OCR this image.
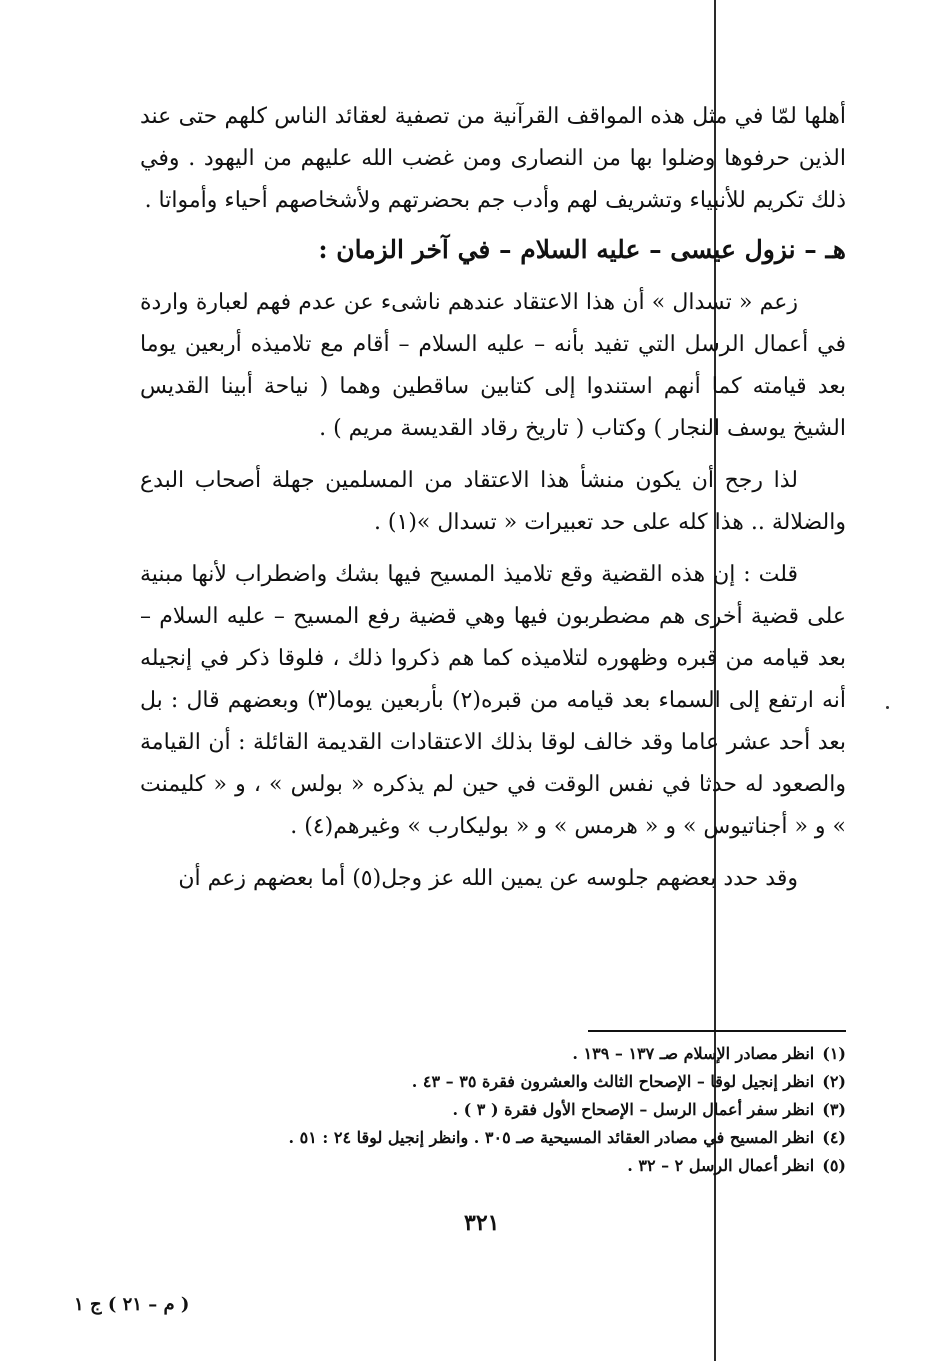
أهلها لمّا في مثل هذه المواقف القرآنية من تصفية لعقائد الناس كلهم حتى عند الذين حرفوها وضلوا بها من النصارى ومن غضب الله عليهم من اليهود . وفي ذلك تكريم للأنبياء وتشريف لهم وأدب جم بحضرتهم ولأشخاصهم أحياء وأمواتا .

هـ – نزول عيسى – عليه السلام – في آخر الزمان :

زعم « تسدال » أن هذا الاعتقاد عندهم ناشىء عن عدم فهم لعبارة واردة في أعمال الرسل التي تفيد بأنه – عليه السلام – أقام مع تلاميذه أربعين يوما بعد قيامته كما أنهم استندوا إلى كتابين ساقطين وهما ( نياحة أبينا القديس الشيخ يوسف النجار ) وكتاب ( تاريخ رقاد القديسة مريم ) .

لذا رجح أن يكون منشأ هذا الاعتقاد من المسلمين جهلة أصحاب البدع والضلالة .. هذا كله على حد تعبيرات « تسدال »(١) .

قلت : إن هذه القضية وقع تلاميذ المسيح فيها بشك واضطراب لأنها مبنية على قضية أخرى هم مضطربون فيها وهي قضية رفع المسيح – عليه السلام – بعد قيامه من قبره وظهوره لتلاميذه كما هم ذكروا ذلك ، فلوقا ذكر في إنجيله أنه ارتفع إلى السماء بعد قيامه من قبره(٢) بأربعين يوما(٣) وبعضهم قال : بل بعد أحد عشر عاما وقد خالف لوقا بذلك الاعتقادات القديمة القائلة : أن القيامة والصعود له حدثا في نفس الوقت في حين لم يذكره « بولس » ، و « كليمنت » و « أجناتيوس » و « هرمس » و « بوليكارب » وغيرهم(٤) .

وقد حدد بعضهم جلوسه عن يمين الله عز وجل(٥) أما بعضهم زعم أن

(١)انظر مصادر الإسلام صـ ١٣٧ – ١٣٩ .
(٢)انظر إنجيل لوقا – الإصحاح الثالث والعشرون فقرة ٣٥ – ٤٣ .
(٣)انظر سفر أعمال الرسل – الإصحاح الأول فقرة ( ٣ ) .
(٤)انظر المسيح في مصادر العقائد المسيحية صـ ٣٠٥ . وانظر إنجيل لوقا ٢٤ : ٥١ .
(٥)انظر أعمال الرسل ٢ – ٣٢ .
٣٢١
( م – ٢١ ) ج ١
